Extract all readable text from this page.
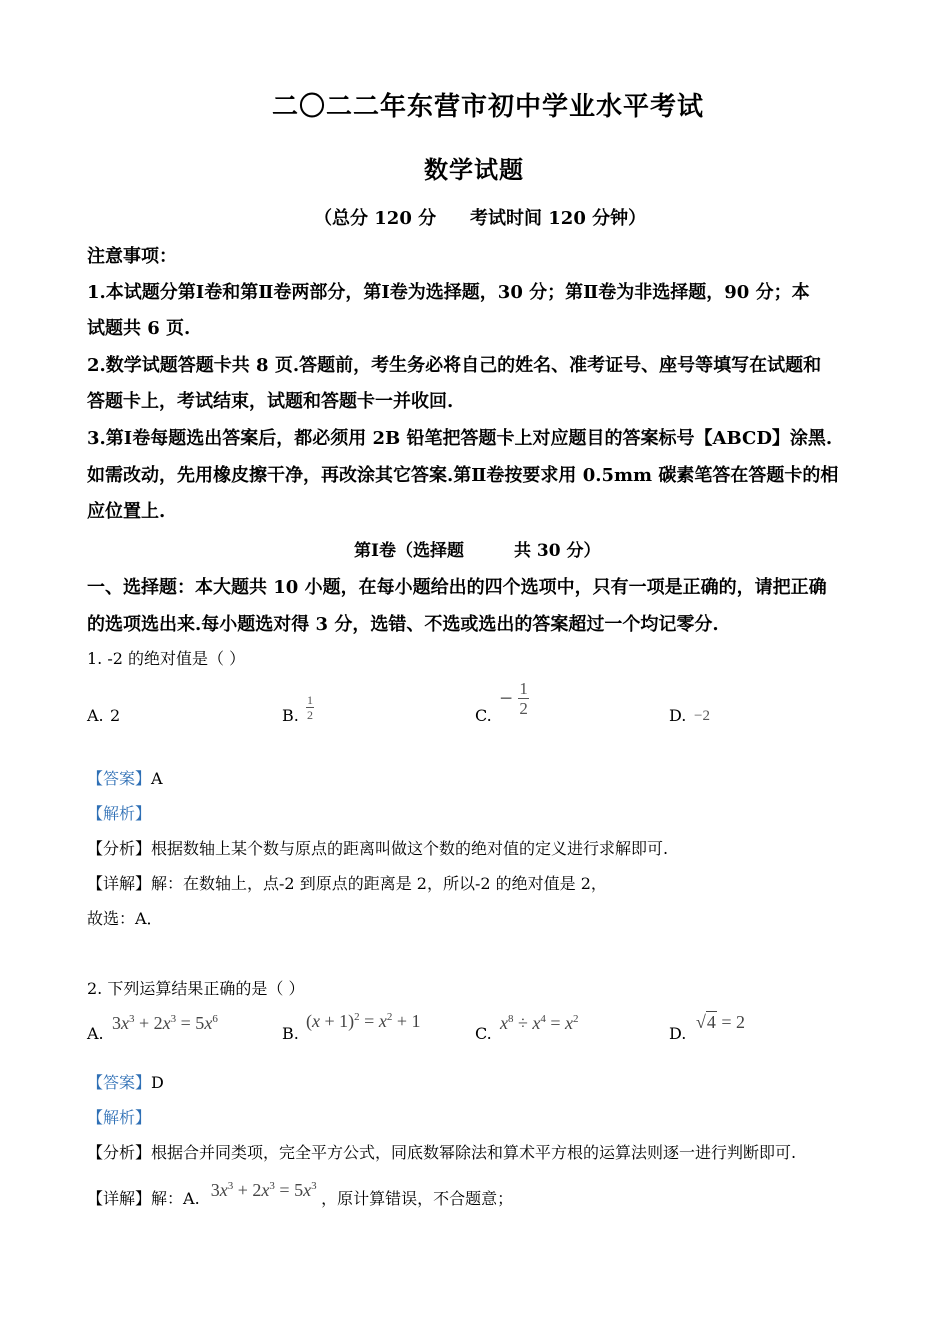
二〇二二年东营市初中学业水平考试
数学试题
（总分 120 分 考试时间 120 分钟）
注意事项：
1.本试题分第Ⅰ卷和第Ⅱ卷两部分，第Ⅰ卷为选择题，30 分；第Ⅱ卷为非选择题，90 分；本
试题共 6 页.
2.数学试题答题卡共 8 页.答题前，考生务必将自己的姓名、准考证号、座号等填写在试题和
答题卡上，考试结束，试题和答题卡一并收回.
3.第Ⅰ卷每题选出答案后，都必须用 2B 铅笔把答题卡上对应题目的答案标号【ABCD】涂黑.
如需改动，先用橡皮擦干净，再改涂其它答案.第Ⅱ卷按要求用 0.5mm 碳素笔答在答题卡的相
应位置上.
第Ⅰ卷（选择题	共 30 分）
一、选择题：本大题共 10 小题，在每小题给出的四个选项中，只有一项是正确的，请把正确
的选项选出来.每小题选对得 3 分，选错、不选或选出的答案超过一个均记零分.
1. -2 的绝对值是（ ）
A. 2	B. $\frac{1}{2}$	C.
− $\frac{1}{2}$	D. −2
【答案】A
【解析】
【分析】根据数轴上某个数与原点的距离叫做这个数的绝对值的定义进行求解即可.
【详解】解：在数轴上，点-2 到原点的距离是 2，所以-2 的绝对值是 2，
故选：A．
2. 下列运算结果正确的是（ ）
A.
$3x^3 + 2x^3 = 5x^6$
B.
$(x + 1)^2 = x^2 + 1$
C.
$x^8 \div x^4 = x^2$
D.
√4 = 2
【答案】D
【解析】
【分析】根据合并同类项，完全平方公式，同底数幂除法和算术平方根的运算法则逐一进行判断即可.
【详解】解：A. $3x^3 + 2x^3 = 5x^3$ ，原计算错误，不合题意；
